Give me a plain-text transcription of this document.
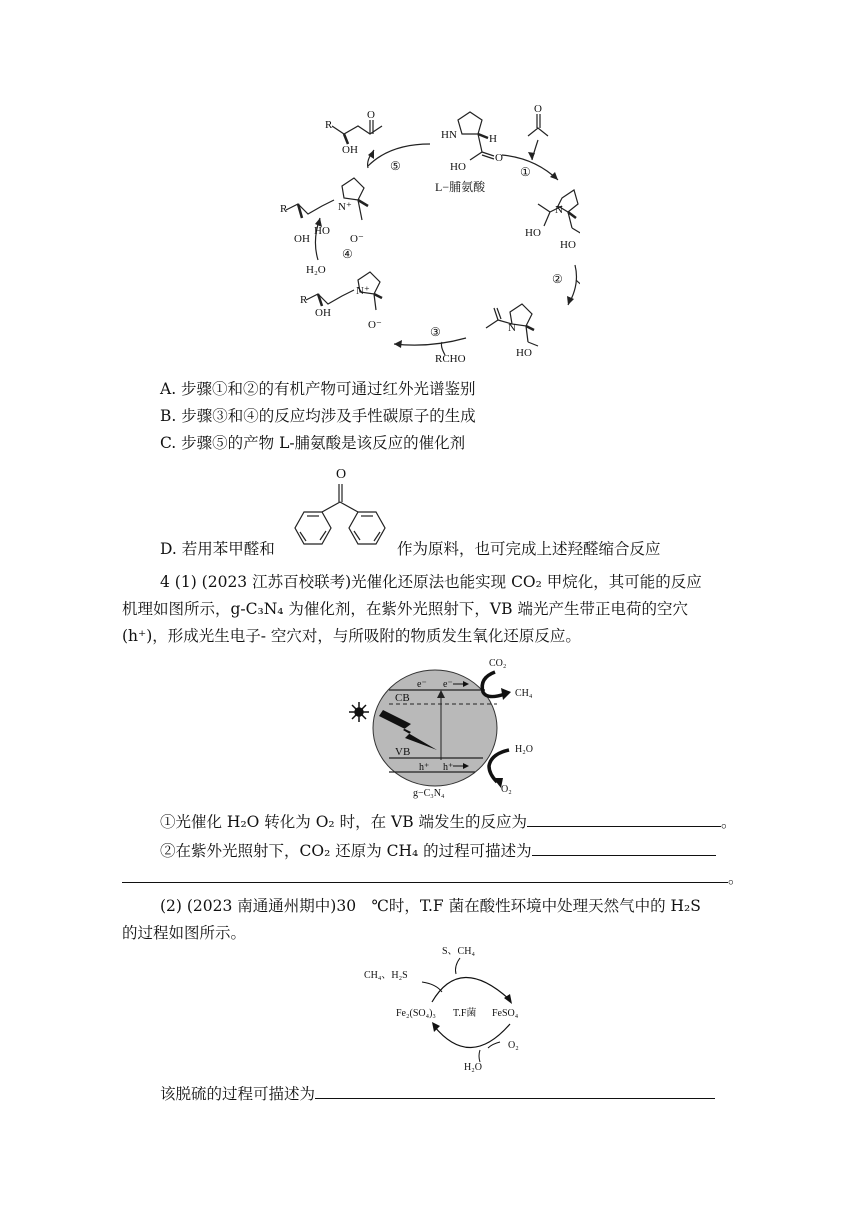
R
O
OH
HN	H
O
HO
L−脯氨酸
O
①
N
HO
HO
②
N
HO
③
RCHO
R
OH
N⁺
O⁻
④
H₂O
R
OH
HO
N⁺
O⁻
⑤
A. 步骤①和②的有机产物可通过红外光谱鉴别
B. 步骤③和④的反应均涉及手性碳原子的生成
C. 步骤⑤的产物 L-脯氨酸是该反应的催化剂
D. 若用苯甲醛和
O
作为原料，也可完成上述羟醛缩合反应
4 (1) (2023 江苏百校联考)光催化还原法也能实现 CO₂ 甲烷化，其可能的反应
机理如图所示，g-C₃N₄ 为催化剂，在紫外光照射下，VB 端光产生带正电荷的空穴
(h⁺)，形成光生电子- 空穴对，与所吸附的物质发生氧化还原反应。
e⁻ e⁻
CB
VB
h⁺ h⁺
CO₂
CH₄
H₂O
O₂
g−C₃N₄
①光催化 H₂O 转化为 O₂ 时，在 VB 端发生的反应为	。
②在紫外光照射下，CO₂ 还原为 CH₄ 的过程可描述为
。
(2) (2023 南通通州期中)30　℃时，T.F 菌在酸性环境中处理天然气中的 H₂S
的过程如图所示。
S、CH₄
CH₄、H₂S
Fe₂(SO₄)₃ T.F菌 FeSO₄
O₂
H₂O
该脱硫的过程可描述为
